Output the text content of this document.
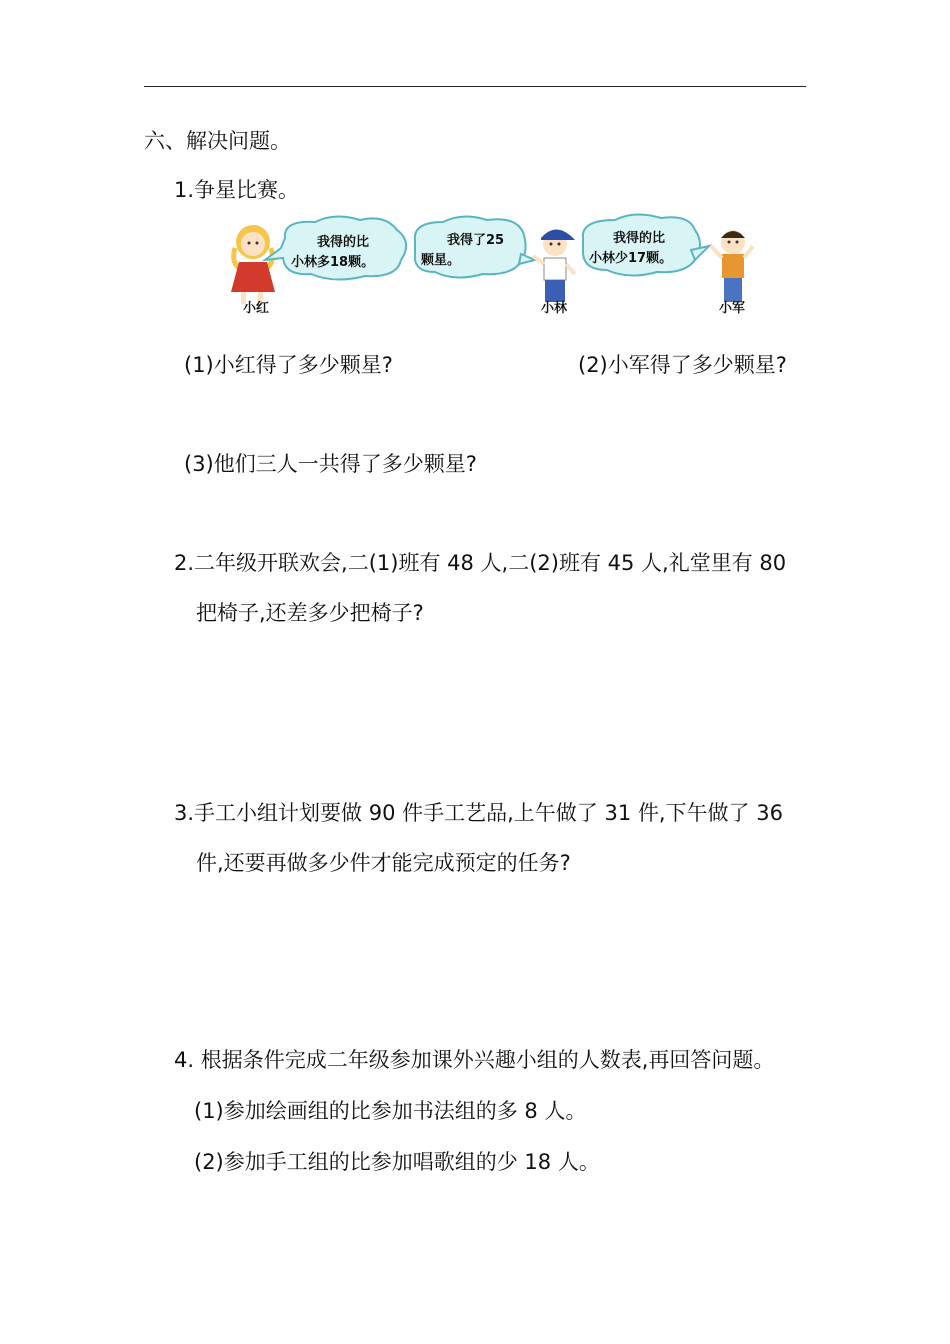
六、解决问题。
1.争星比赛。
我得的比
小林多18颗。
我得了25
颗星。
我得的比
小林少17颗。
小红	小林	小军
(1)小红得了多少颗星?	(2)小军得了多少颗星?
(3)他们三人一共得了多少颗星?
2.二年级开联欢会,二(1)班有 48 人,二(2)班有 45 人,礼堂里有 80
把椅子,还差多少把椅子?
3.手工小组计划要做 90 件手工艺品,上午做了 31 件,下午做了 36
件,还要再做多少件才能完成预定的任务?
4. 根据条件完成二年级参加课外兴趣小组的人数表,再回答问题。
(1)参加绘画组的比参加书法组的多 8 人。
(2)参加手工组的比参加唱歌组的少 18 人。
